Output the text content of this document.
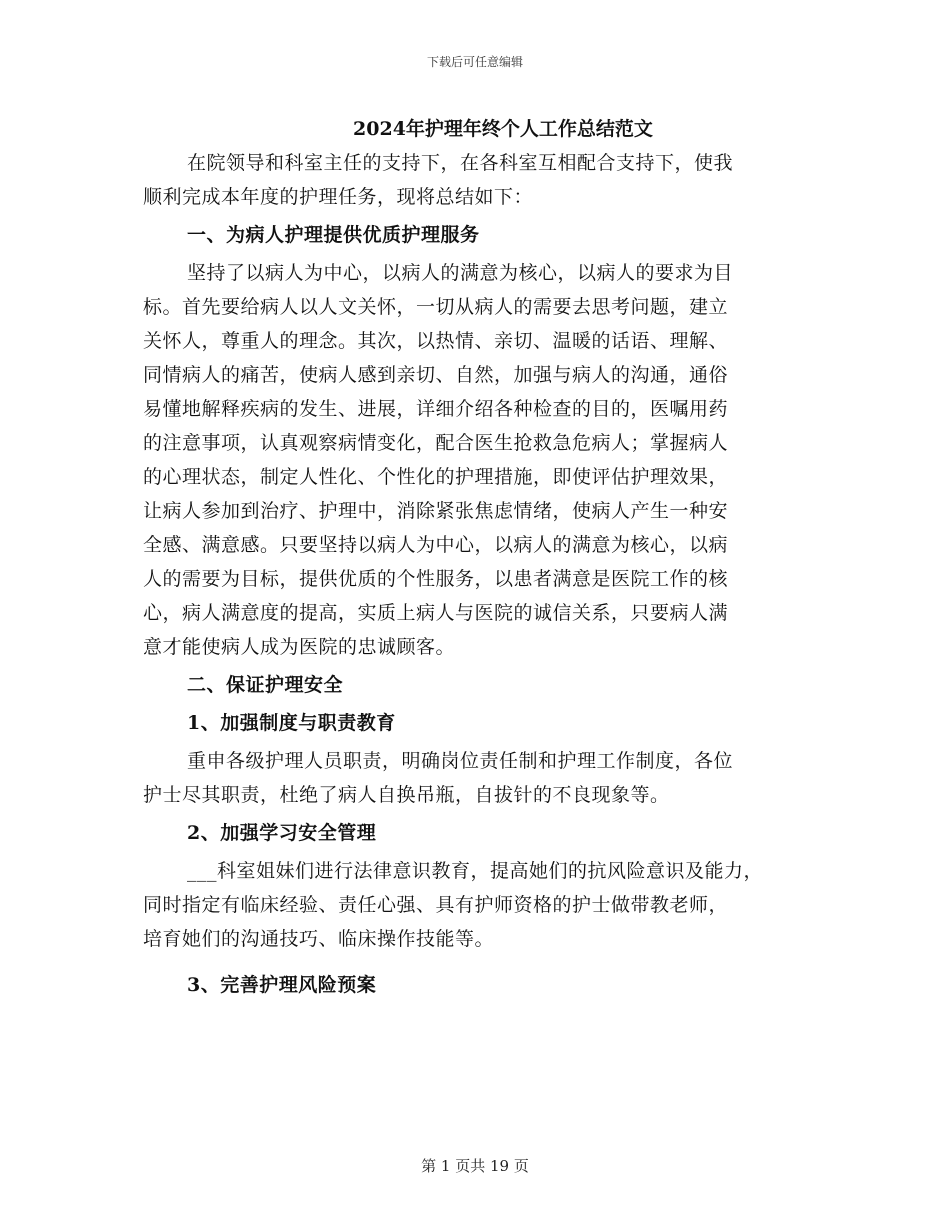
下载后可任意编辑
2024年护理年终个人工作总结范文

在院领导和科室主任的支持下，在各科室互相配合支持下，使我
顺利完成本年度的护理任务，现将总结如下：

一、为病人护理提供优质护理服务

坚持了以病人为中心，以病人的满意为核心，以病人的要求为目
标。首先要给病人以人文关怀，一切从病人的需要去思考问题，建立
关怀人，尊重人的理念。其次，以热情、亲切、温暖的话语、理解、
同情病人的痛苦，使病人感到亲切、自然，加强与病人的沟通，通俗
易懂地解释疾病的发生、进展，详细介绍各种检查的目的，医嘱用药
的注意事项，认真观察病情变化，配合医生抢救急危病人；掌握病人
的心理状态，制定人性化、个性化的护理措施，即使评估护理效果，
让病人参加到治疗、护理中，消除紧张焦虑情绪，使病人产生一种安
全感、满意感。只要坚持以病人为中心，以病人的满意为核心，以病
人的需要为目标，提供优质的个性服务，以患者满意是医院工作的核
心，病人满意度的提高，实质上病人与医院的诚信关系，只要病人满
意才能使病人成为医院的忠诚顾客。

二、保证护理安全
1、加强制度与职责教育

重申各级护理人员职责，明确岗位责任制和护理工作制度，各位
护士尽其职责，杜绝了病人自换吊瓶，自拔针的不良现象等。

2、加强学习安全管理

___科室姐妹们进行法律意识教育，提高她们的抗风险意识及能力，
同时指定有临床经验、责任心强、具有护师资格的护士做带教老师，
培育她们的沟通技巧、临床操作技能等。

3、完善护理风险预案
第 1 页共 19 页
